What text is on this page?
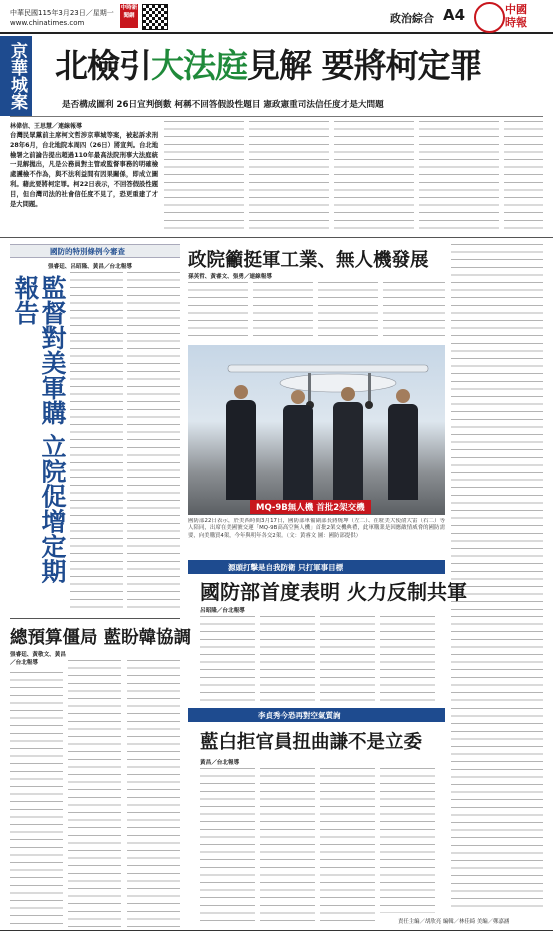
中華民國115年3月23日／星期一
www.chinatimes.com
中時新聞網	政治綜合 A4	中國時報
京華城案 北檢引大法庭見解 要將柯定罪
是否構成圖利 26日宣判倒數 柯稱不回答假設性題目 憲政憲重司法信任度才是大問題
林偉信、王思慧／連線報導
台灣民眾黨前主席柯文哲涉京華城等案，被起訴求刑28年6月，台北地院本周四（26日）將宣判。台北地檢署之前論告提出超過110年最高法院刑事大法庭統一見解拋出，凡是公務員對主管或監督事務的明確檢處護檢不作為，與不法利益間有因果關係，即成立圖利。藉此要將柯定罪。柯22日表示，不回答假設性題目，但台灣司法的社會信任度不見了，恐更重建了才是大問題。
國防的特別條例今審查
張睿廷、呂昭隆、黃昌／台北報導
監督對美軍購 立院促增定期報告
政院籲挺軍工業、無人機發展
孫英哲、黃睿文、張勇／連線報導
MQ-9B無人機 首批2架交機
國防部22日表示，於美西時間3月17日，國防部軍備副部長蔣燒坤（左二）、在駐美大使俞大雷（右二）等人陪同，出席在美國號交運「MQ-9B高高空無人機」首批2架交機典禮，此軍購業是因應敵情威脅的國防需要，向美購買4架，今年與明年各交2架。（文：黃睿文 圖：國防部提供）
源頭打擊是自我防衛 只打軍事目標
國防部首度表明 火力反制共軍
呂昭隆／台北報導
總預算僵局 藍盼韓協調
張睿廷、黃敬文、黃昌／台北報導
李貞秀今恐再對空氣質詢
藍白拒官員扭曲謙不是立委
黃昌／台北報導
責任主編／胡欣亮 編輯／林佳綺 美編／鄭嘉涵
